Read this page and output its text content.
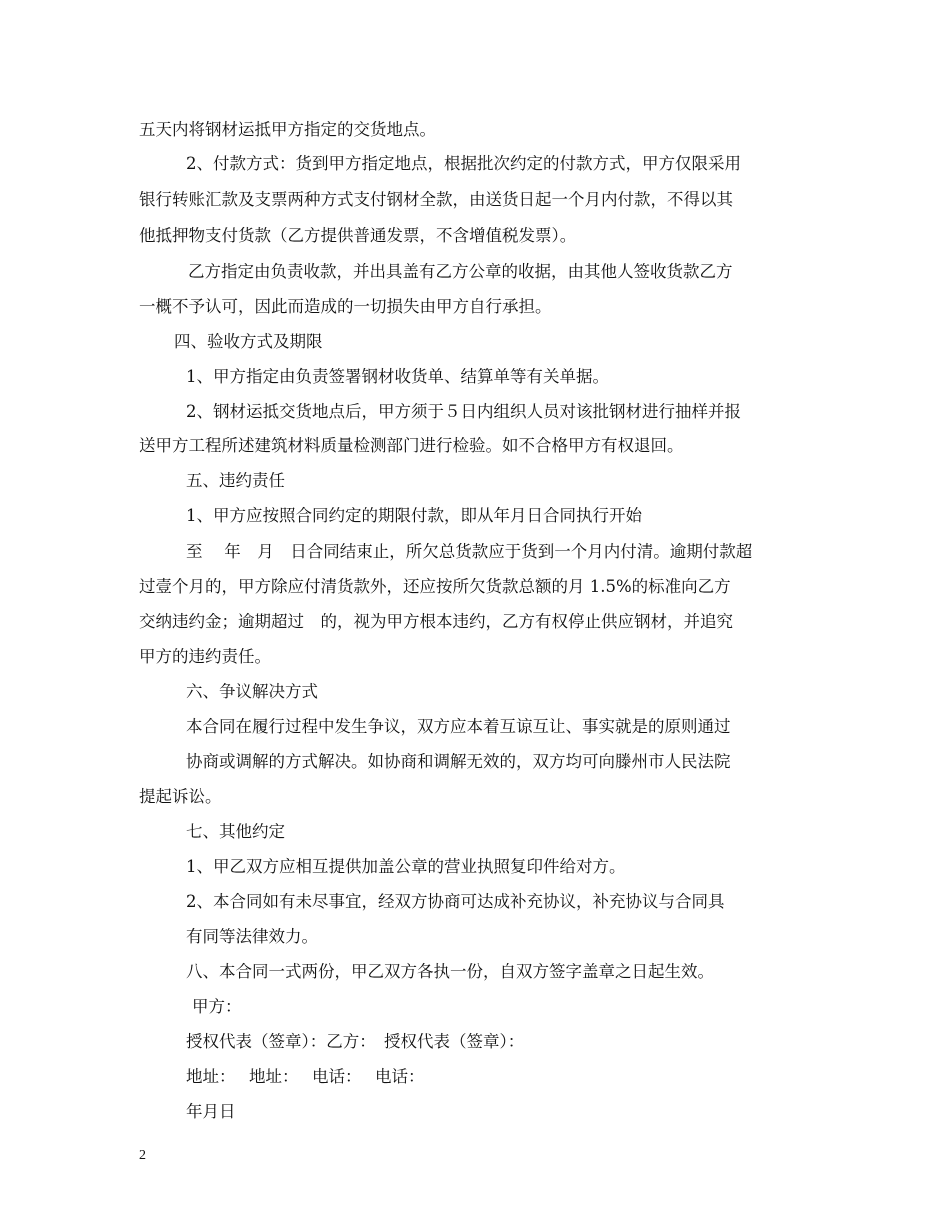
五天内将钢材运抵甲方指定的交货地点。
2、付款方式：货到甲方指定地点，根据批次约定的付款方式，甲方仅限采用
银行转账汇款及支票两种方式支付钢材全款，由送货日起一个月内付款，不得以其
他抵押物支付货款（乙方提供普通发票，不含增值税发票）。
乙方指定由负责收款，并出具盖有乙方公章的收据，由其他人签收货款乙方
一概不予认可，因此而造成的一切损失由甲方自行承担。
四、验收方式及期限
1、甲方指定由负责签署钢材收货单、结算单等有关单据。
2、钢材运抵交货地点后，甲方须于５日内组织人员对该批钢材进行抽样并报
送甲方工程所述建筑材料质量检测部门进行检验。如不合格甲方有权退回。
五、违约责任
1、甲方应按照合同约定的期限付款，即从年月日合同执行开始
至　 年　月　日合同结束止，所欠总货款应于货到一个月内付清。逾期付款超
过壹个月的，甲方除应付清货款外，还应按所欠货款总额的月 1.5%的标准向乙方
交纳违约金；逾期超过　的，视为甲方根本违约，乙方有权停止供应钢材，并追究
甲方的违约责任。
六、争议解决方式
本合同在履行过程中发生争议，双方应本着互谅互让、事实就是的原则通过
协商或调解的方式解决。如协商和调解无效的，双方均可向滕州市人民法院
提起诉讼。
七、其他约定
1、甲乙双方应相互提供加盖公章的营业执照复印件给对方。
2、本合同如有未尽事宜，经双方协商可达成补充协议，补充协议与合同具
有同等法律效力。
八、本合同一式两份，甲乙双方各执一份，自双方签字盖章之日起生效。
甲方：
授权代表（签章）：乙方：　授权代表（签章）：
地址：　 地址：　 电话：　 电话：
年月日
2
